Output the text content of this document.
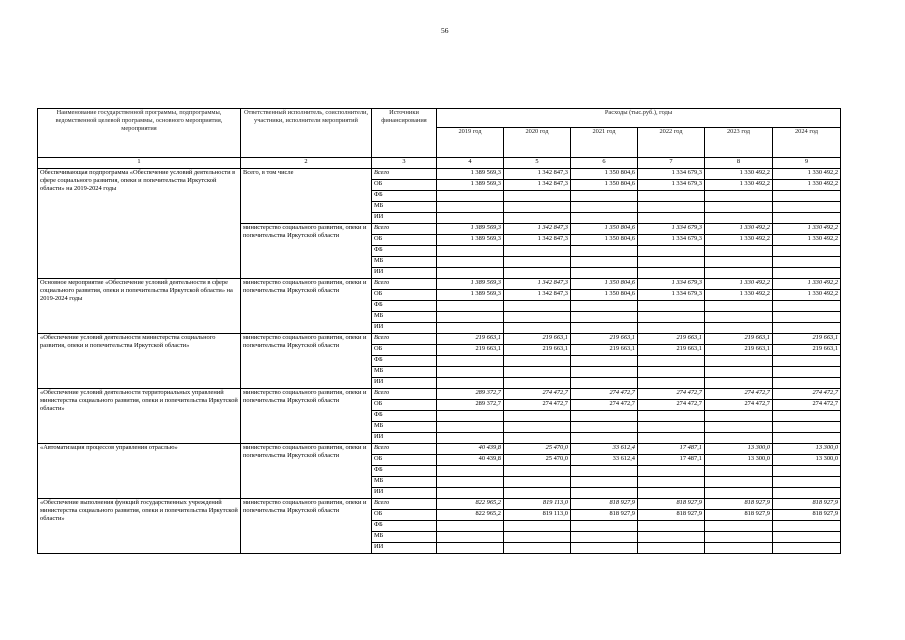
56
Наименование государственной программы, подпрограммы, ведомственной целевой программы, основного мероприятия, мероприятия	Ответственный исполнитель, соисполнители, участники, исполнители мероприятий	Источники финансирования	Расходы (тыс.руб.), годы					
			2019 год	2020 год	2021 год	2022 год	2023 год	2024 год
1	2	3	4	5	6	7	8	9
Обеспечивающая подпрограмма «Обеспечение условий деятельности в сфере социального развития, опеки и попечительства Иркутской области» на 2019-2024 годы	Всего, в том числе	Всего	1 389 569,3	1 342 847,3	1 350 804,6	1 334 679,3	1 330 492,2	1 330 492,2
		ОБ	1 389 569,3	1 342 847,3	1 350 804,6	1 334 679,3	1 330 492,2	1 330 492,2
		ФБ						
		МБ						
		ИИ						
	министерство социального развития, опеки и попечительства Иркутской области	Всего	1 389 569,3	1 342 847,3	1 350 804,6	1 334 679,3	1 330 492,2	1 330 492,2
		ОБ	1 389 569,3	1 342 847,3	1 350 804,6	1 334 679,3	1 330 492,2	1 330 492,2
		ФБ						
		МБ						
		ИИ						
Основное мероприятие «Обеспечение условий деятельности в сфере социального развития, опеки и попечительства Иркутской области» на 2019-2024 годы	министерство социального развития, опеки и попечительства Иркутской области	Всего	1 389 569,3	1 342 847,3	1 350 804,6	1 334 679,3	1 330 492,2	1 330 492,2
		ОБ	1 389 569,3	1 342 847,3	1 350 804,6	1 334 679,3	1 330 492,2	1 330 492,2
		ФБ						
		МБ						
		ИИ						
«Обеспечение условий деятельности министерства социального развития, опеки и попечительства Иркутской области»	министерство социального развития, опеки и попечительства Иркутской области	Всего	219 663,1	219 663,1	219 663,1	219 663,1	219 663,1	219 663,1
		ОБ	219 663,1	219 663,1	219 663,1	219 663,1	219 663,1	219 663,1
		ФБ						
		МБ						
		ИИ						
«Обеспечение условий деятельности территориальных управлений министерства социального развития, опеки и попечительства Иркутской области»	министерство социального развития, опеки и попечительства Иркутской области	Всего	289 372,7	274 472,7	274 472,7	274 472,7	274 472,7	274 472,7
		ОБ	289 372,7	274 472,7	274 472,7	274 472,7	274 472,7	274 472,7
		ФБ						
		МБ						
		ИИ						
«Автоматизация процессов управления отраслью»	министерство социального развития, опеки и попечительства Иркутской области	Всего	40 439,8	25 470,0	33 612,4	17 487,1	13 300,0	13 300,0
		ОБ	40 439,8	25 470,0	33 612,4	17 487,1	13 300,0	13 300,0
		ФБ						
		МБ						
		ИИ						
«Обеспечение выполнения функций государственных учреждений министерства социального развития, опеки и попечительства Иркутской области»	министерство социального развития, опеки и попечительства Иркутской области	Всего	822 965,2	819 113,0	818 927,9	818 927,9	818 927,9	818 927,9
		ОБ	822 965,2	819 113,0	818 927,9	818 927,9	818 927,9	818 927,9
		ФБ						
		МБ						
		ИИ						
